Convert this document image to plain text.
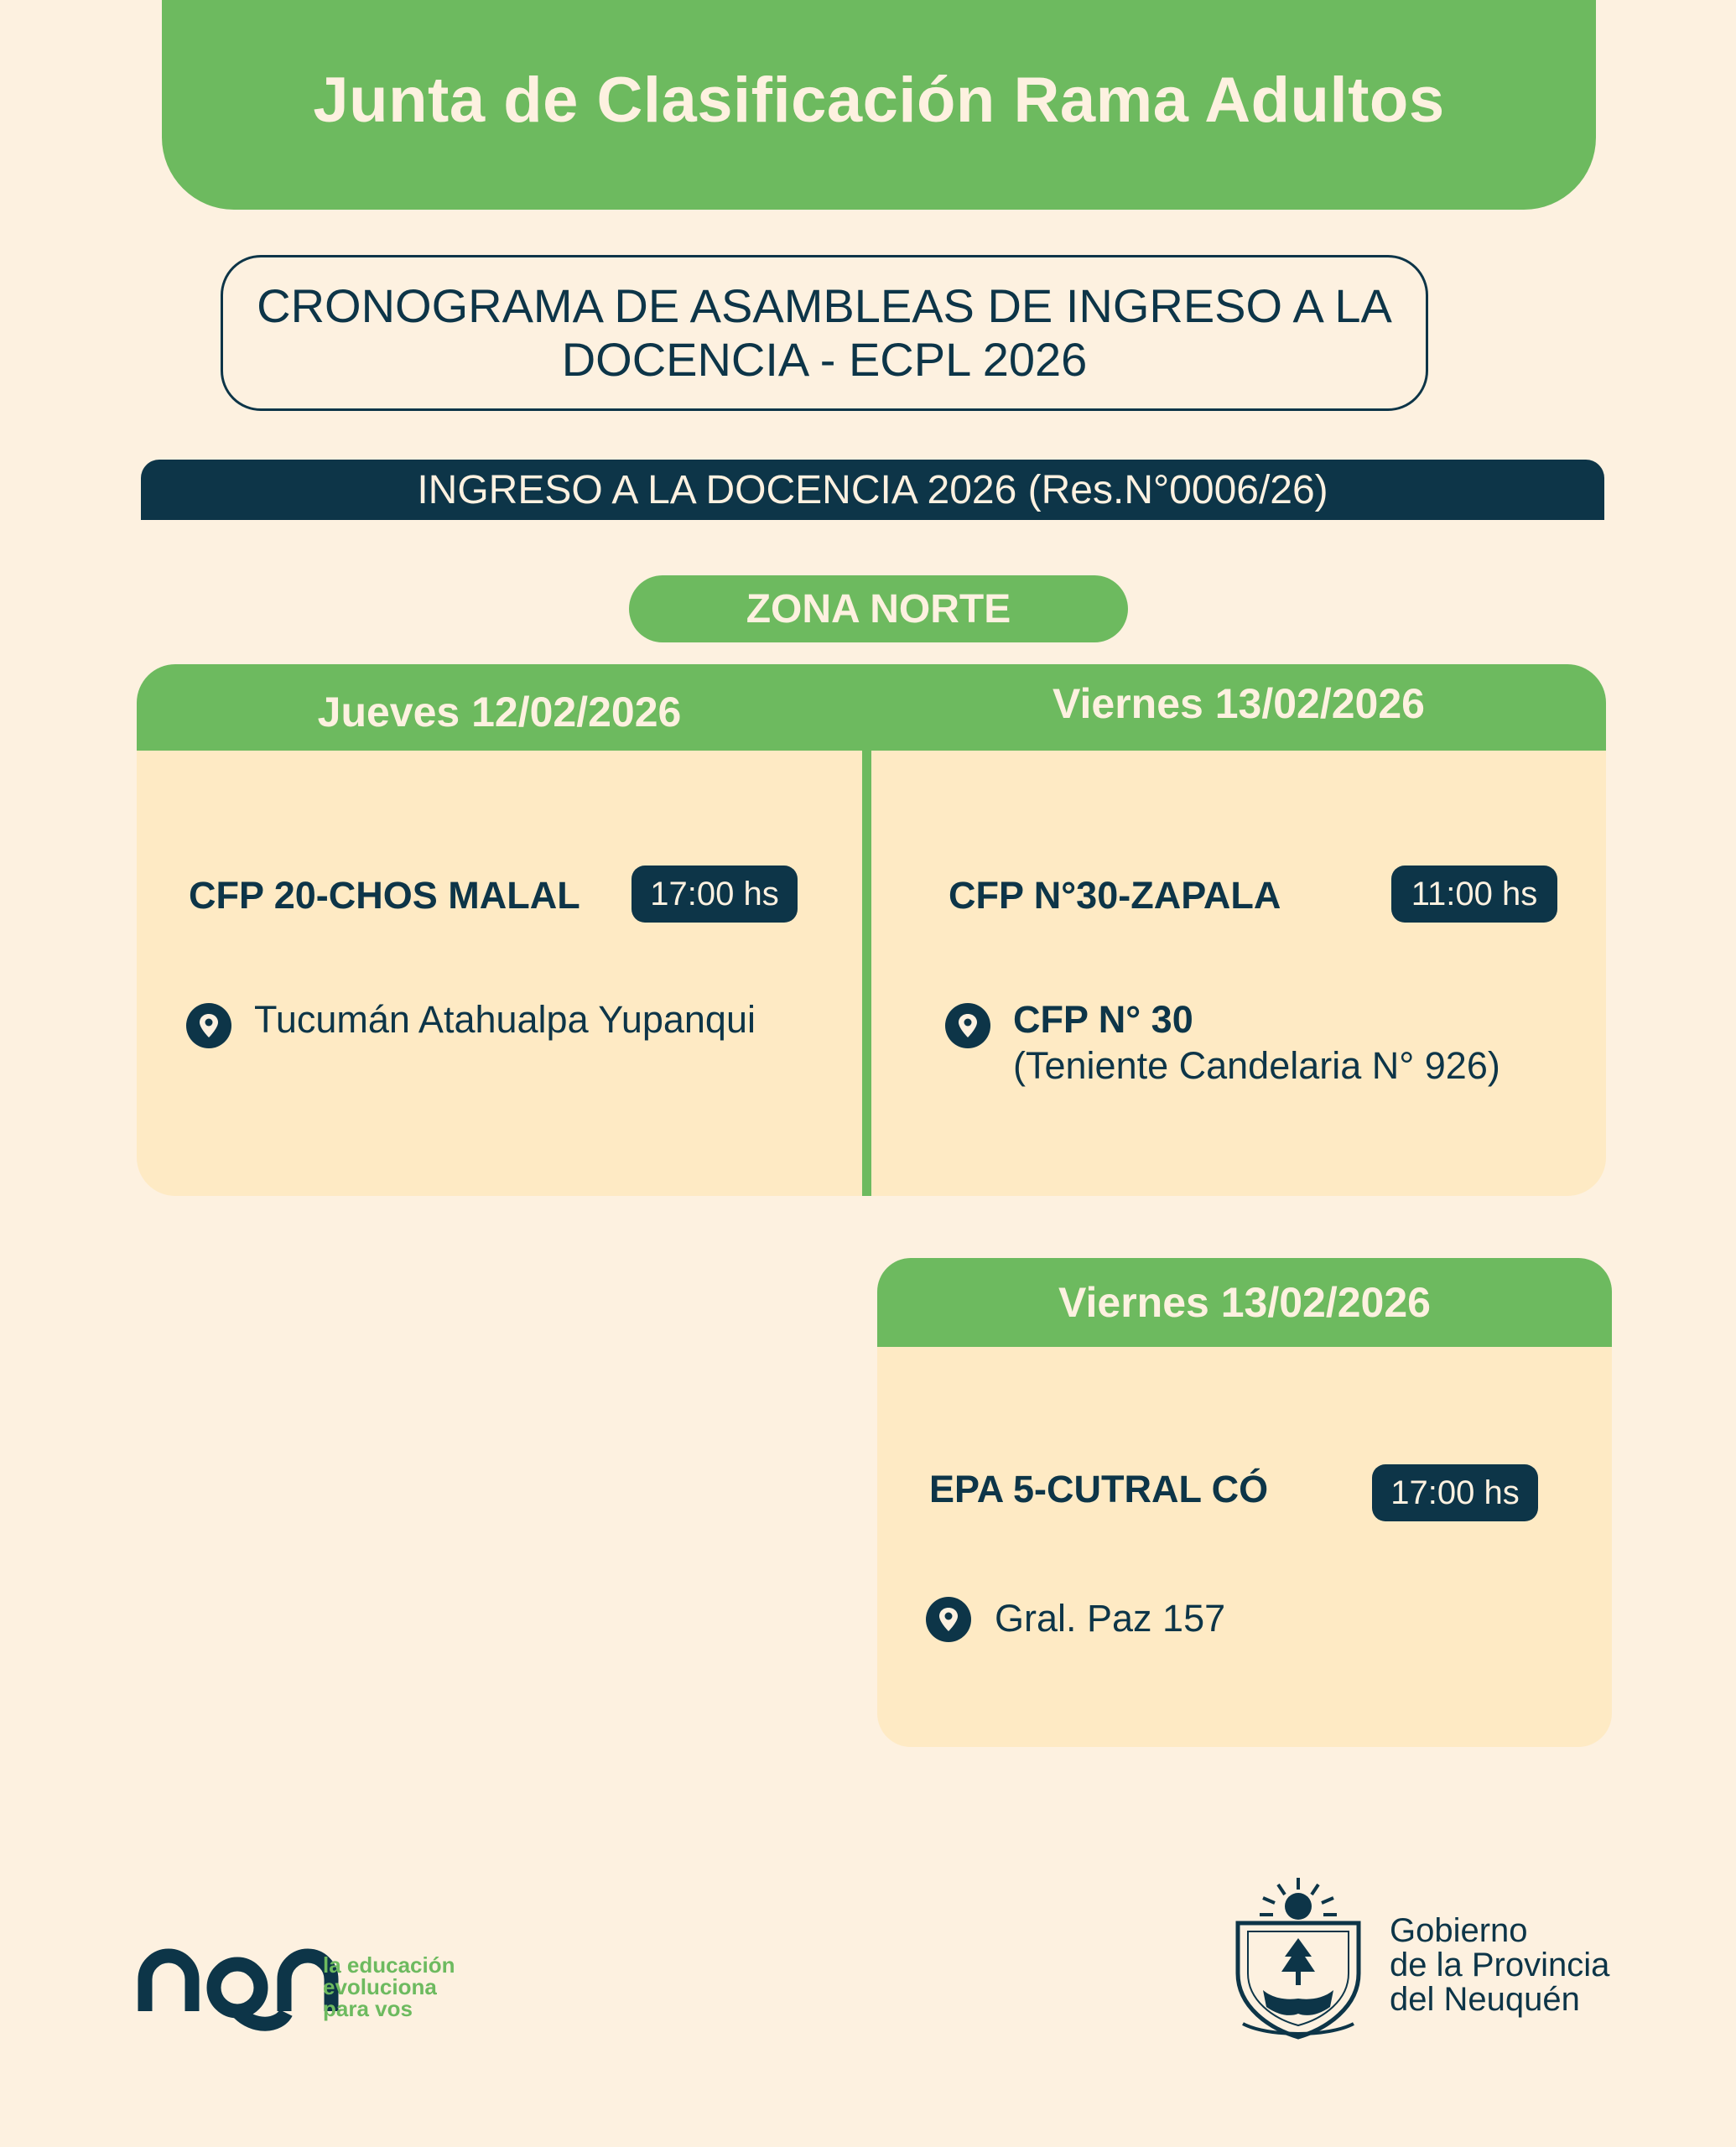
Junta de Clasificación Rama Adultos
CRONOGRAMA DE ASAMBLEAS DE INGRESO A LA
DOCENCIA - ECPL 2026
INGRESO A LA DOCENCIA 2026 (Res.N°0006/26)
ZONA NORTE
Jueves 12/02/2026
CFP 20-CHOS MALAL	17:00 hs
Tucumán Atahualpa Yupanqui
Viernes 13/02/2026
CFP N°30-ZAPALA	11:00 hs
CFP N° 30
(Teniente Candelaria N° 926)
Viernes 13/02/2026
EPA 5-CUTRAL CÓ	17:00 hs
Gral. Paz 157
la educación
evoluciona
para vos
Gobierno
de la Provincia
del Neuquén
